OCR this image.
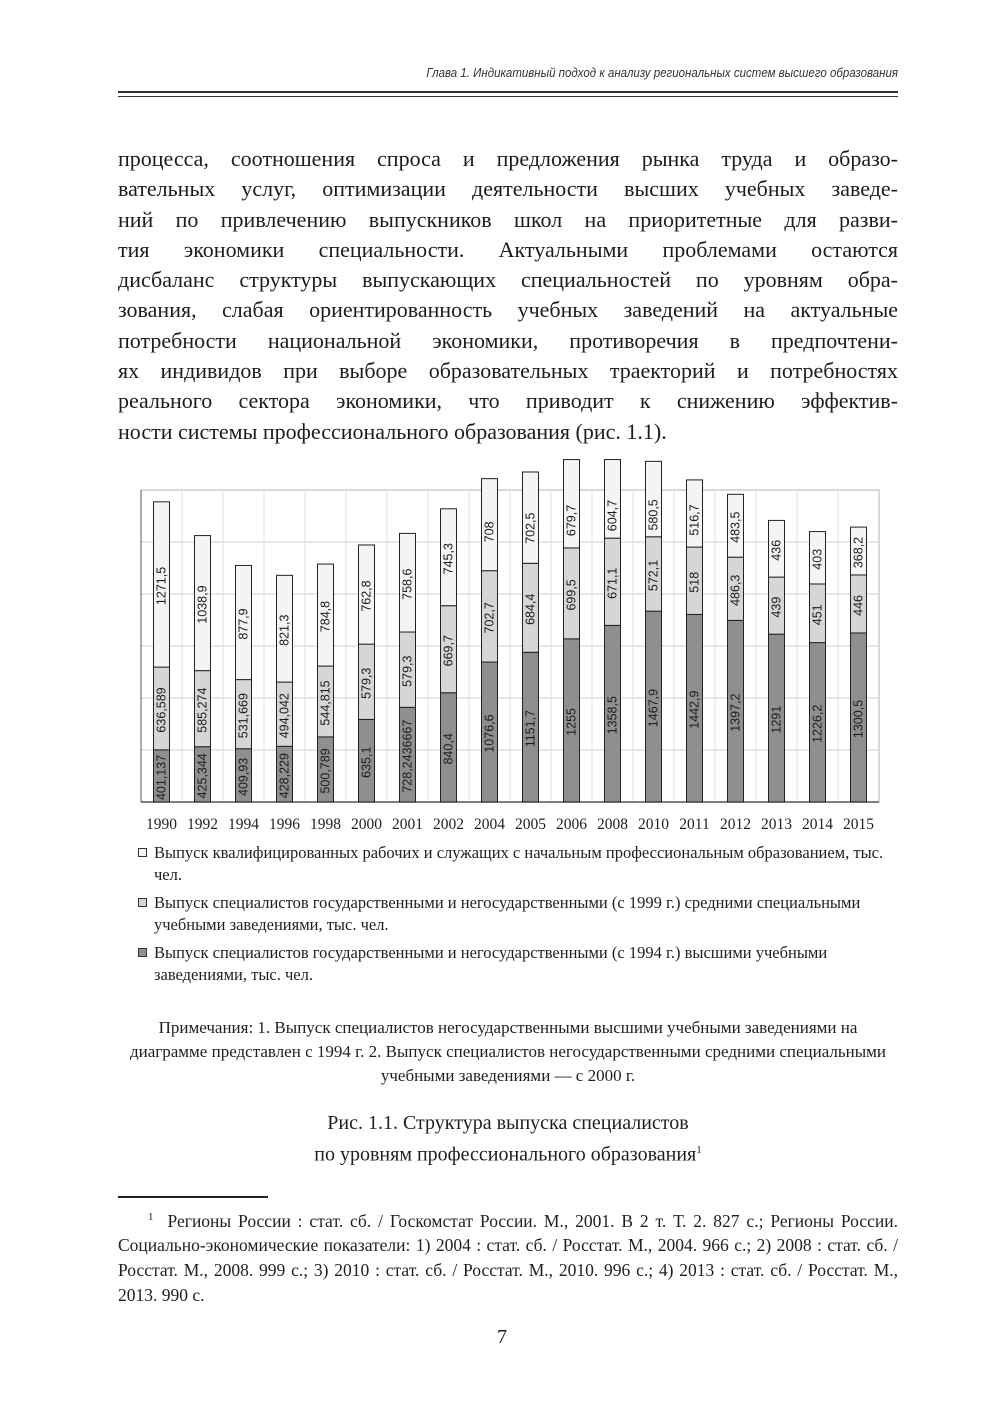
Глава 1. Индикативный подход к анализу региональных систем высшего образования
процесса, соотношения спроса и предложения рынка труда и образо-
вательных услуг, оптимизации деятельности высших учебных заведе-
ний по привлечению выпускников школ на приоритетные для разви-
тия экономики специальности. Актуальными проблемами остаются
дисбаланс структуры выпускающих специальностей по уровням обра-
зования, слабая ориентированность учебных заведений на актуальные
потребности национальной экономики, противоречия в предпочтени-
ях индивидов при выборе образовательных траекторий и потребностях
реального сектора экономики, что приводит к снижению эффектив-
ности системы профессионального образования (рис. 1.1).
401,137
636,589
1271,5
1990
425,344
585,274
1038,9
1992
409,93
531,669
877,9
1994
428,229
494,042
821,3
1996
500,789
544,815
784,8
1998
635,1
579,3
762,8
2000
728,2436667
579,3
758,6
2001
840,4
669,7
745,3
2002
1076,6
702,7
708
2004
1151,7
684,4
702,5
2005
1255
699,5
679,7
2006
1358,5
671,1
604,7
2008
1467,9
572,1
580,5
2010
1442,9
518
516,7
2011
1397,2
486,3
483,5
2012
1291
439
436
2013
1226,2
451
403
2014
1300,5
446
368,2
2015

Выпуск квалифицированных рабочих и служащих с начальным профессиональным образованием, тыс. чел.

Выпуск специалистов государственными и негосударственными (с 1999 г.) средними специальными учебными заведениями, тыс. чел.

Выпуск специалистов государственными и негосударственными (с 1994 г.) высшими учебными заведениями, тыс. чел.

Примечания: 1. Выпуск специалистов негосударственными высшими учебными заведениями на диаграмме представлен с 1994 г. 2. Выпуск специалистов негосударственными средними специальными учебными заведениями — с 2000 г.
Рис. 1.1. Структура выпуска специалистов
по уровням профессионального образования$^1$
$^1$ Регионы России : стат. сб. / Госкомстат России. М., 2001. В 2 т. Т. 2. 827 с.; Регионы России. Социально-экономические показатели: 1) 2004 : стат. сб. / Росстат. М., 2004. 966 с.; 2) 2008 : стат. сб. / Росстат. М., 2008. 999 с.; 3) 2010 : стат. сб. / Росстат. М., 2010. 996 с.; 4) 2013 : стат. сб. / Росстат. М., 2013. 990 с.
7
